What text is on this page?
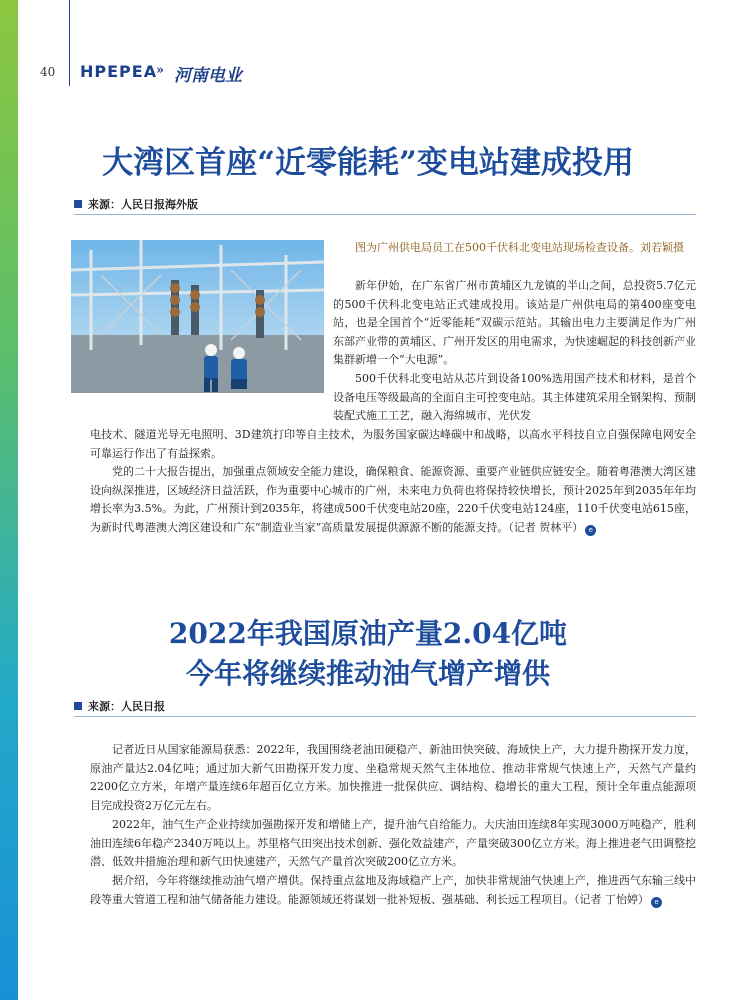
40 HPEPEA
» 河南电业
大湾区首座“近零能耗”变电站建成投用
来源：人民日报海外版
图为广州供电局员工在500千伏科北变电站现场检查设备。刘若颖摄
新年伊始，在广东省广州市黄埔区九龙镇的半山之间，总投资5.7亿元的500千伏科北变电站正式建成投用。该站是广州供电局的第400座变电站，也是全国首个“近零能耗”双碳示范站。其输出电力主要满足作为广州东部产业带的黄埔区、广州开发区的用电需求，为快速崛起的科技创新产业集群新增一个“大电源”。
500千伏科北变电站从芯片到设备100%选用国产技术和材料，是首个设备电压等级最高的全面自主可控变电站。其主体建筑采用全钢架构、预制装配式施工工艺，融入海绵城市、光伏发
电技术、隧道光导无电照明、3D建筑打印等自主技术，为服务国家碳达峰碳中和战略，以高水平科技自立自强保障电网安全可靠运行作出了有益探索。
党的二十大报告提出，加强重点领域安全能力建设，确保粮食、能源资源、重要产业链供应链安全。随着粤港澳大湾区建设向纵深推进，区域经济日益活跃，作为重要中心城市的广州，未来电力负荷也将保持较快增长，预计2025年到2035年年均增长率为3.5%。为此，广州预计到2035年，将建成500千伏变电站20座，220千伏变电站124座，110千伏变电站615座，为新时代粤港澳大湾区建设和广东“制造业当家”高质量发展提供源源不断的能源支持。（记者 贺林平） e
2022年我国原油产量2.04亿吨
今年将继续推动油气增产增供
来源：人民日报
记者近日从国家能源局获悉：2022年，我国围绕老油田硬稳产、新油田快突破、海域快上产，大力提升勘探开发力度，原油产量达2.04亿吨；通过加大新气田勘探开发力度、坐稳常规天然气主体地位、推动非常规气快速上产，天然气产量约2200亿立方米，年增产量连续6年超百亿立方米。加快推进一批保供应、调结构、稳增长的重大工程，预计全年重点能源项目完成投资2万亿元左右。
2022年，油气生产企业持续加强勘探开发和增储上产，提升油气自给能力。大庆油田连续8年实现3000万吨稳产，胜利油田连续6年稳产2340万吨以上。苏里格气田突出技术创新、强化效益建产，产量突破300亿立方米。海上推进老气田调整挖潜、低效井措施治理和新气田快速建产，天然气产量首次突破200亿立方米。
据介绍，今年将继续推动油气增产增供。保持重点盆地及海域稳产上产，加快非常规油气快速上产，推进西气东输三线中段等重大管道工程和油气储备能力建设。能源领域还将谋划一批补短板、强基础、利长远工程项目。（记者 丁怡婷） e
